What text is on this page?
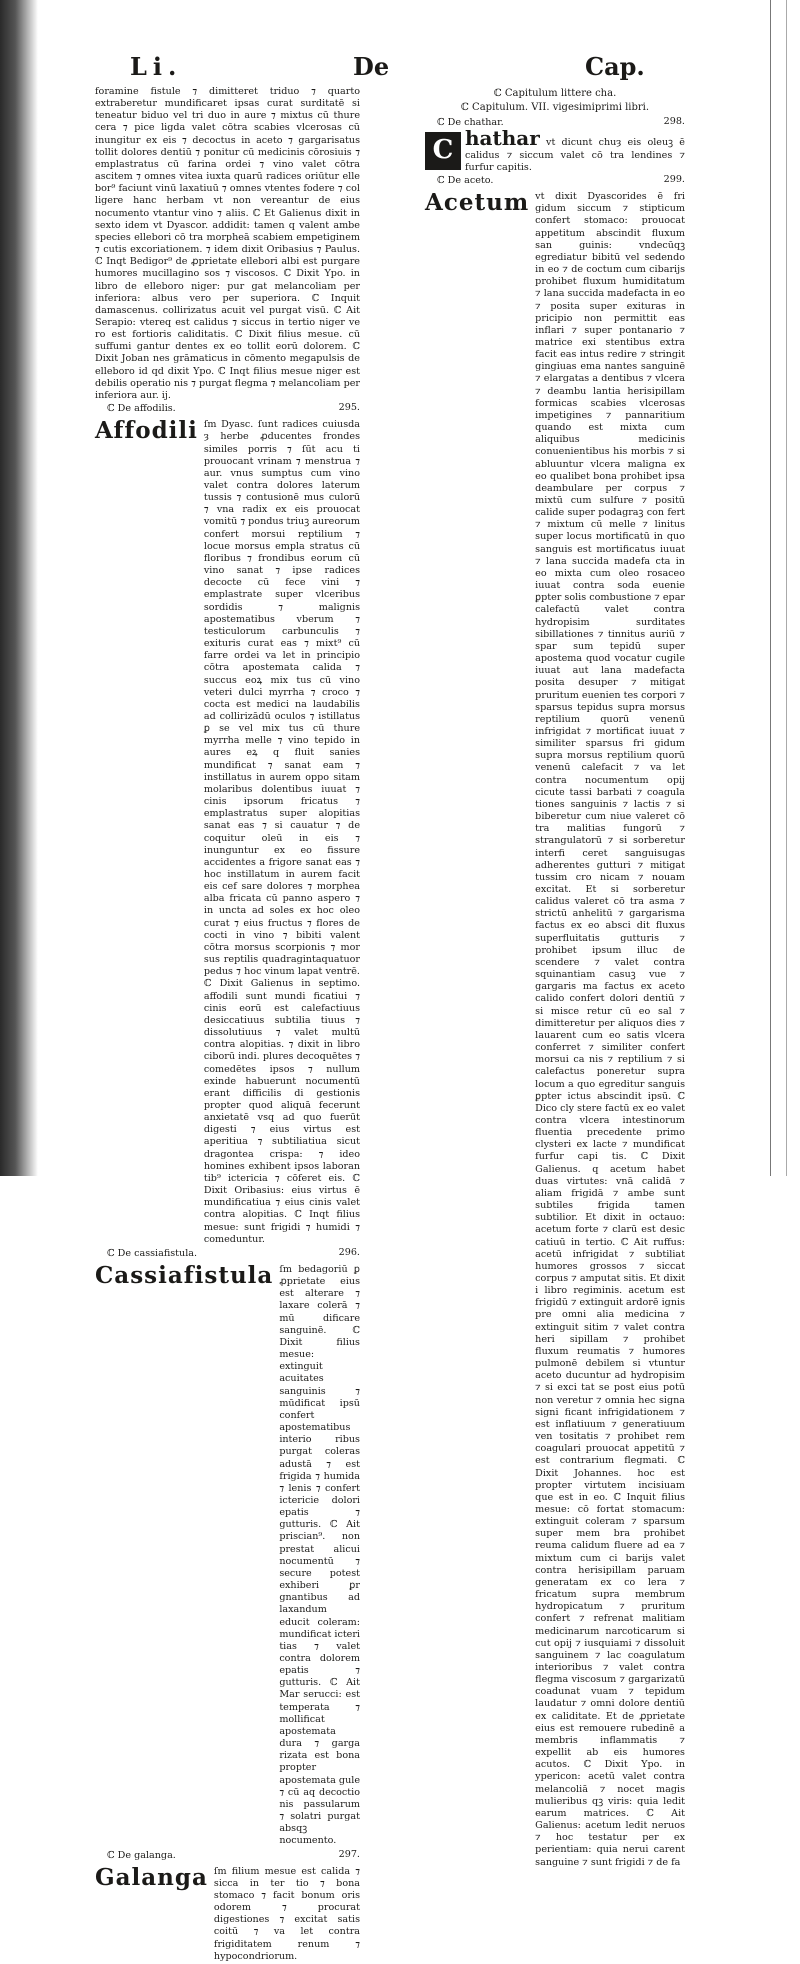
Li.	De	Cap.

foramine fistule ⁊ dimitteret triduo ⁊ quarto extraberetur mundificaret ipsas curat surditatē si teneatur biduo vel tri duo in aure ⁊ mixtus cū thure cera ⁊ pice ligda valet cōtra scabies vlcerosas cū inungitur ex eis ⁊ decoctus in aceto ⁊ gargarisatus tollit dolores dentiū ⁊ ponitur cū medicinis cōrosiuis ⁊ emplastratus cū farina ordei ⁊ vino valet cōtra ascitem ⁊ omnes vitea iuxta quarū radices oriūtur elle bor⁹ faciunt vinū laxatiuū ⁊ omnes vtentes fodere ⁊ col ligere hanc herbam vt non vereantur de eius nocumento vtantur vino ⁊ aliis. ℂ Et Galienus dixit in sexto idem vt Dyascor. addidit: tamen q valent ambe species ellebori cō tra morpheā scabiem empetiginem ⁊ cutis excoriationem. ⁊ idem dixit Oribasius ⁊ Paulus. ℂ Inqt Bedigor⁹ de ꝓprietate ellebori albi est purgare humores mucillagino sos ⁊ viscosos. ℂ Dixit Ypo. in libro de elleboro niger: pur gat melancoliam per inferiora: albus vero per superiora. ℂ Inquit damascenus. collirizatus acuit vel purgat visū. ℂ Ait Serapio: vtereq est calidus ⁊ siccus in tertio niger ve ro est fortioris caliditatis. ℂ Dixit filius mesue. cū suffumi gantur dentes ex eo tollit eorū dolorem. ℂ Dixit Joban nes grāmaticus in cōmento megapulsis de elleboro id qd dixit Ypo. ℂ Inqt filius mesue niger est debilis operatio nis ⁊ purgat flegma ⁊ melancoliam per inferiora aur. ij.

ℂ De affodilis.	295.
Affodili ſm Dyasc. ſunt radices cuiusda ȝ herbe ꝓducentes frondes similes porris ⁊ ſūt acu ti prouocant vrinam ⁊ menstrua ⁊ aur. vnus sumptus cum vino valet contra dolores laterum tussis ⁊ contusionē mus culorū ⁊ vna radix ex eis prouocat vomitū ⁊ pondus triuꝫ aureorum confert morsui reptilium ⁊ locue morsus empla stratus cū floribus ⁊ frondibus eorum cū vino sanat ⁊ ipse radices decocte cū fece vini ⁊ emplastrate super vlceribus sordidis ⁊ malignis apostematibus vberum ⁊ testiculorum carbunculis ⁊ exituris curat eas ⁊ mixt⁹ cū farre ordei va let in principio cōtra apostemata calida ⁊ succus eoꝝ mix tus cū vino veteri dulci myrrha ⁊ croco ⁊ cocta est medici na laudabilis ad collirizādū oculos ⁊ istillatus ꝑ se vel mix tus cū thure myrrha melle ⁊ vino tepido in aures eꝝ q fluit sanies mundificat ⁊ sanat eam ⁊ instillatus in aurem oppo sitam molaribus dolentibus iuuat ⁊ cinis ipsorum fricatus ⁊ emplastratus super alopitias sanat eas ⁊ si cauatur ⁊ de coquitur oleū in eis ⁊ inunguntur ex eo fissure accidentes a frigore sanat eas ⁊ hoc instillatum in aurem facit eis cef sare dolores ⁊ morphea alba fricata cū panno aspero ⁊ in uncta ad soles ex hoc oleo curat ⁊ eius fructus ⁊ flores de cocti in vino ⁊ bibiti valent cōtra morsus scorpionis ⁊ mor sus reptilis quadragintaquatuor pedus ⁊ hoc vinum lapat ventrē. ℂ Dixit Galienus in septimo. affodili sunt mundi ficatiui ⁊ cinis eorū est calefactiuus desiccatiuus subtilia tiuus ⁊ dissolutiuus ⁊ valet multū contra alopitias. ⁊ dixit in libro ciborū indi. plures decoquētes ⁊ comedētes ipsos ⁊ nullum exinde habuerunt nocumentū erant difficilis di gestionis propter quod aliquā fecerunt anxietatē vsq ad quo fuerūt digesti ⁊ eius virtus est aperitiua ⁊ subtiliatiua sicut dragontea crispa: ⁊ ideo homines exhibent ipsos laboran tib⁹ ictericia ⁊ cōferet eis. ℂ Dixit Oribasius: eius virtus ē mundificatiua ⁊ eius cinis valet contra alopitias. ℂ Inqt filius mesue: sunt frigidi ⁊ humidi ⁊ comeduntur.
ℂ De cassiafistula.	296.
Cassiafistula ſm bedagoriū ꝑ ꝓprietate eius est alterare ⁊ laxare colerā ⁊ mū dificare sanguinē. ℂ Dixit filius mesue: extinguit acuitates sanguinis ⁊ mūdificat ipsū confert apostematibus interio ribus purgat coleras adustā ⁊ est frigida ⁊ humida ⁊ lenis ⁊ confert ictericie dolori epatis ⁊ gutturis. ℂ Ait priscian⁹. non prestat alicui nocumentū ⁊ secure potest exhiberi ꝑr gnantibus ad laxandum educit coleram: mundificat icteri tias ⁊ valet contra dolorem epatis ⁊ gutturis. ℂ Ait Mar serucci: est temperata ⁊ mollificat apostemata dura ⁊ garga rizata est bona propter apostemata gule ⁊ cū aq decoctio nis passularum ⁊ solatri purgat absqꝫ nocumento.
ℂ De galanga.	297.
Galanga ſm filium mesue est calida ⁊ sicca in ter tio ⁊ bona stomaco ⁊ facit bonum oris odorem ⁊ procurat digestiones ⁊ excitat satis coitū ⁊ va let contra frigiditatem renum ⁊ hypocondriorum.
ℂ Capitulum littere cha.
ℂ Capitulum. VII. vigesimiprimi libri.
ℂ De chathar.	298.
C hathar vt dicunt chuȝ eis oleuꝫ ē calidus ⁊ siccum valet cō tra lendines ⁊ furfur capitis.
ℂ De aceto.	299.
Acetum vt dixit Dyascorides ē fri gidum siccum ⁊ stipticum confert stomaco: prouocat appetitum abscindit fluxum san guinis: vndecūqꝫ egrediatur bibitū vel sedendo in eo ⁊ de coctum cum cibarijs prohibet fluxum humiditatum ⁊ lana succida madefacta in eo ⁊ posita super exituras in pricipio non permittit eas inflari ⁊ super pontanario ⁊ matrice exi stentibus extra facit eas intus redire ⁊ stringit gingiuas ema nantes sanguinē ⁊ elargatas a dentibus ⁊ vlcera ⁊ deambu lantia herisipillam formicas scabies vlcerosas impetigines ⁊ pannaritium quando est mixta cum aliquibus medicinis conuenientibus his morbis ⁊ si abluuntur vlcera maligna ex eo qualibet bona prohibet ipsa deambulare per corpus ⁊ mixtū cum sulfure ⁊ positū calide super podagraꝫ con fert ⁊ mixtum cū melle ⁊ linitus super locus mortificatū in quo sanguis est mortificatus iuuat ⁊ lana succida madefa cta in eo mixta cum oleo rosaceo iuuat contra soda euenie ꝑpter solis combustione ⁊ epar calefactū valet contra hydropisim surditates sibillationes ⁊ tinnitus auriū ⁊ spar sum tepidū super apostema quod vocatur cugile iuuat aut lana madefacta posita desuper ⁊ mitigat pruritum euenien tes corpori ⁊ sparsus tepidus supra morsus reptilium quorū venenū infrigidat ⁊ mortificat iuuat ⁊ similiter sparsus fri gidum supra morsus reptilium quorū venenū calefacit ⁊ va let contra nocumentum opij cicute tassi barbati ⁊ coagula tiones sanguinis ⁊ lactis ⁊ si biberetur cum niue valeret cō tra malitias fungorū ⁊ strangulatorū ⁊ si sorberetur interfi ceret sanguisugas adherentes gutturi ⁊ mitigat tussim cro nicam ⁊ nouam excitat. Et si sorberetur calidus valeret cō tra asma ⁊ strictū anhelitū ⁊ gargarisma factus ex eo absci dit fluxus superfluitatis gutturis ⁊ prohibet ipsum illuc de scendere ⁊ valet contra squinantiam casuꝫ vue ⁊ gargaris ma factus ex aceto calido confert dolori dentiū ⁊ si misce retur cū eo sal ⁊ dimitteretur per aliquos dies ⁊ lauarent cum eo satis vlcera conferret ⁊ similiter confert morsui ca nis ⁊ reptilium ⁊ si calefactus poneretur supra locum a quo egreditur sanguis ꝑpter ictus abscindit ipsū. ℂ Dico cly stere factū ex eo valet contra vlcera intestinorum fluentia precedente primo clysteri ex lacte ⁊ mundificat furfur capi tis. ℂ Dixit Galienus. q acetum habet duas virtutes: vnā calidā ⁊ aliam frigidā ⁊ ambe sunt subtiles frigida tamen subtilior. Et dixit in octauo: acetum forte ⁊ clarū est desic catiuū in tertio. ℂ Ait ruffus: acetū infrigidat ⁊ subtiliat humores grossos ⁊ siccat corpus ⁊ amputat sitis. Et dixit i libro regiminis. acetum est frigidū ⁊ extinguit ardorē ignis pre omni alia medicina ⁊ extinguit sitim ⁊ valet contra heri sipillam ⁊ prohibet fluxum reumatis ⁊ humores pulmonē debilem si vtuntur aceto ducuntur ad hydropisim ⁊ si exci tat se post eius potū non veretur ⁊ omnia hec signa signi ficant infrigidationem ⁊ est inflatiuum ⁊ generatiuum ven tositatis ⁊ prohibet rem coagulari prouocat appetitū ⁊ est contrarium flegmati. ℂ Dixit Johannes. hoc est propter virtutem incisiuam que est in eo. ℂ Inquit filius mesue: cō fortat stomacum: extinguit coleram ⁊ sparsum super mem bra prohibet reuma calidum fluere ad ea ⁊ mixtum cum ci barijs valet contra herisipillam paruam generatam ex co lera ⁊ fricatum supra membrum hydropicatum ⁊ pruritum confert ⁊ refrenat malitiam medicinarum narcoticarum si cut opij ⁊ iusquiami ⁊ dissoluit sanguinem ⁊ lac coagulatum interioribus ⁊ valet contra flegma viscosum ⁊ gargarizatū coadunat vuam ⁊ tepidum laudatur ⁊ omni dolore dentiū ex caliditate. Et de ꝓprietate eius est remouere rubedinē a membris inflammatis ⁊ expellit ab eis humores acutos. ℂ Dixit Ypo. in ypericon: acetū valet contra melancoliā ⁊ nocet magis mulieribus qꝫ viris: quia ledit earum matrices. ℂ Ait Galienus: acetum ledit neruos ⁊ hoc testatur per ex perientiam: quia nerui carent sanguine ⁊ sunt frigidi ⁊ de fa
